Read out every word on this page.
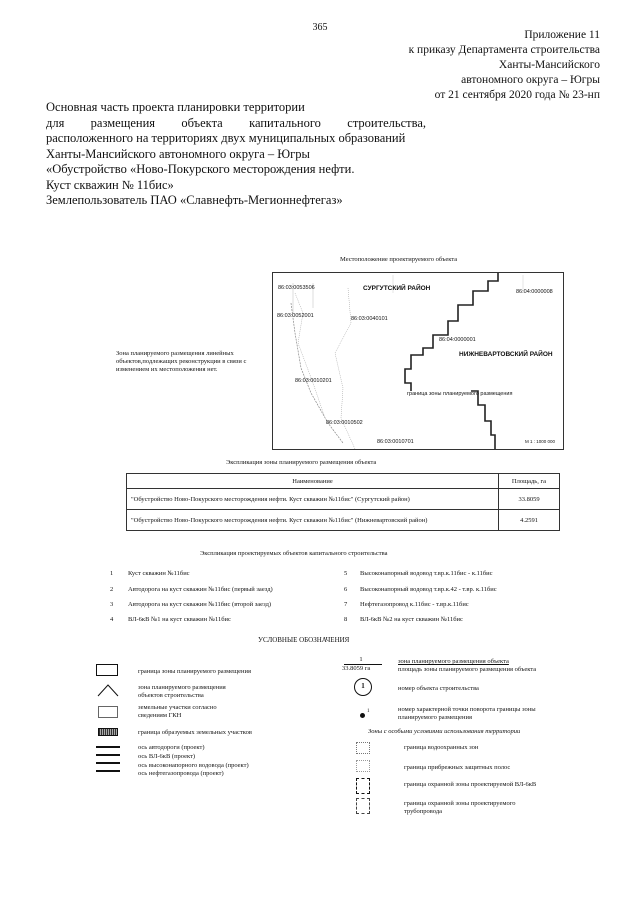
365
Приложение 11
к приказу Департамента строительства
Ханты-Мансийского
автономного округа – Югры
от 21 сентября 2020 года № 23-нп
Основная часть проекта планировки территории
для размещения объекта капитального строительства,
расположенного на территориях двух муниципальных образований
Ханты-Мансийского автономного округа – Югры
«Обустройство «Ново-Покурского месторождения нефти.
Куст скважин № 11бис»
Землепользователь ПАО «Славнефть-Мегионнефтегаз»
Местоположение проектируемого объекта
Зона планируемого размещения линейных объектов,подлежащих реконструкции в связи с изменением их местоположения нет.
86:03:0053506
86:03:0052001	86:03:0040101
86:04:0000008
86:04:0000001
86:03:0010201
86:03:0010502
86:03:0010701
СУРГУТСКИЙ РАЙОН
НИЖНЕВАРТОВСКИЙ РАЙОН
граница зоны планируемого размещения
М 1 : 1000 000
Экспликация зоны планируемого размещения объекта
Наименование	Площадь, га
"Обустройство Ново-Покурского месторождения нефти. Куст скважин №11бис" (Сургутский район)	33.8059
"Обустройство Ново-Покурского месторождения нефти. Куст скважин №11бис" (Нижневартовский район)	4.2591
Экспликация проектируемых объектов капитального строительства
1 Куст скважин №11бис
2 Автодорога на куст скважин №11бис (первый заезд)
3 Автодорога на куст скважин №11бис (второй заезд)
4 ВЛ-6кВ №1 на куст скважин №11бис
5 Высоконапорный водовод т.вр.к.11бис - к.11бис
6 Высоконапорный водовод т.вр.к.42 - т.вр. к.11бис
7 Нефтегазопровод к.11бис - т.вр.к.11бис
8 ВЛ-6кВ №2 на куст скважин №11бис
УСЛОВНЫЕ ОБОЗНАЧЕНИЯ
граница зоны планируемого размещения
зона планируемого размещения объектов строительства
земельные участки согласно сведениям ГКН
граница образуемых земельных участков
ось автодороги (проект)
ось ВЛ-6кВ (проект)
ось высоконапорного водовода (проект)
ось нефтегазопровода (проект)
1
33.8059 га
зона планируемого размещения объекта
площадь зоны планируемого размещения объекта
1	номер объекта строительства
1	номер характерной точки поворота границы зоны планируемого размещения
Зоны с особыми условиями использования территории
граница водоохранных зон
граница прибрежных защитных полос
граница охранной зоны проектируемой ВЛ-6кВ
граница охранной зоны проектируемого трубопровода
